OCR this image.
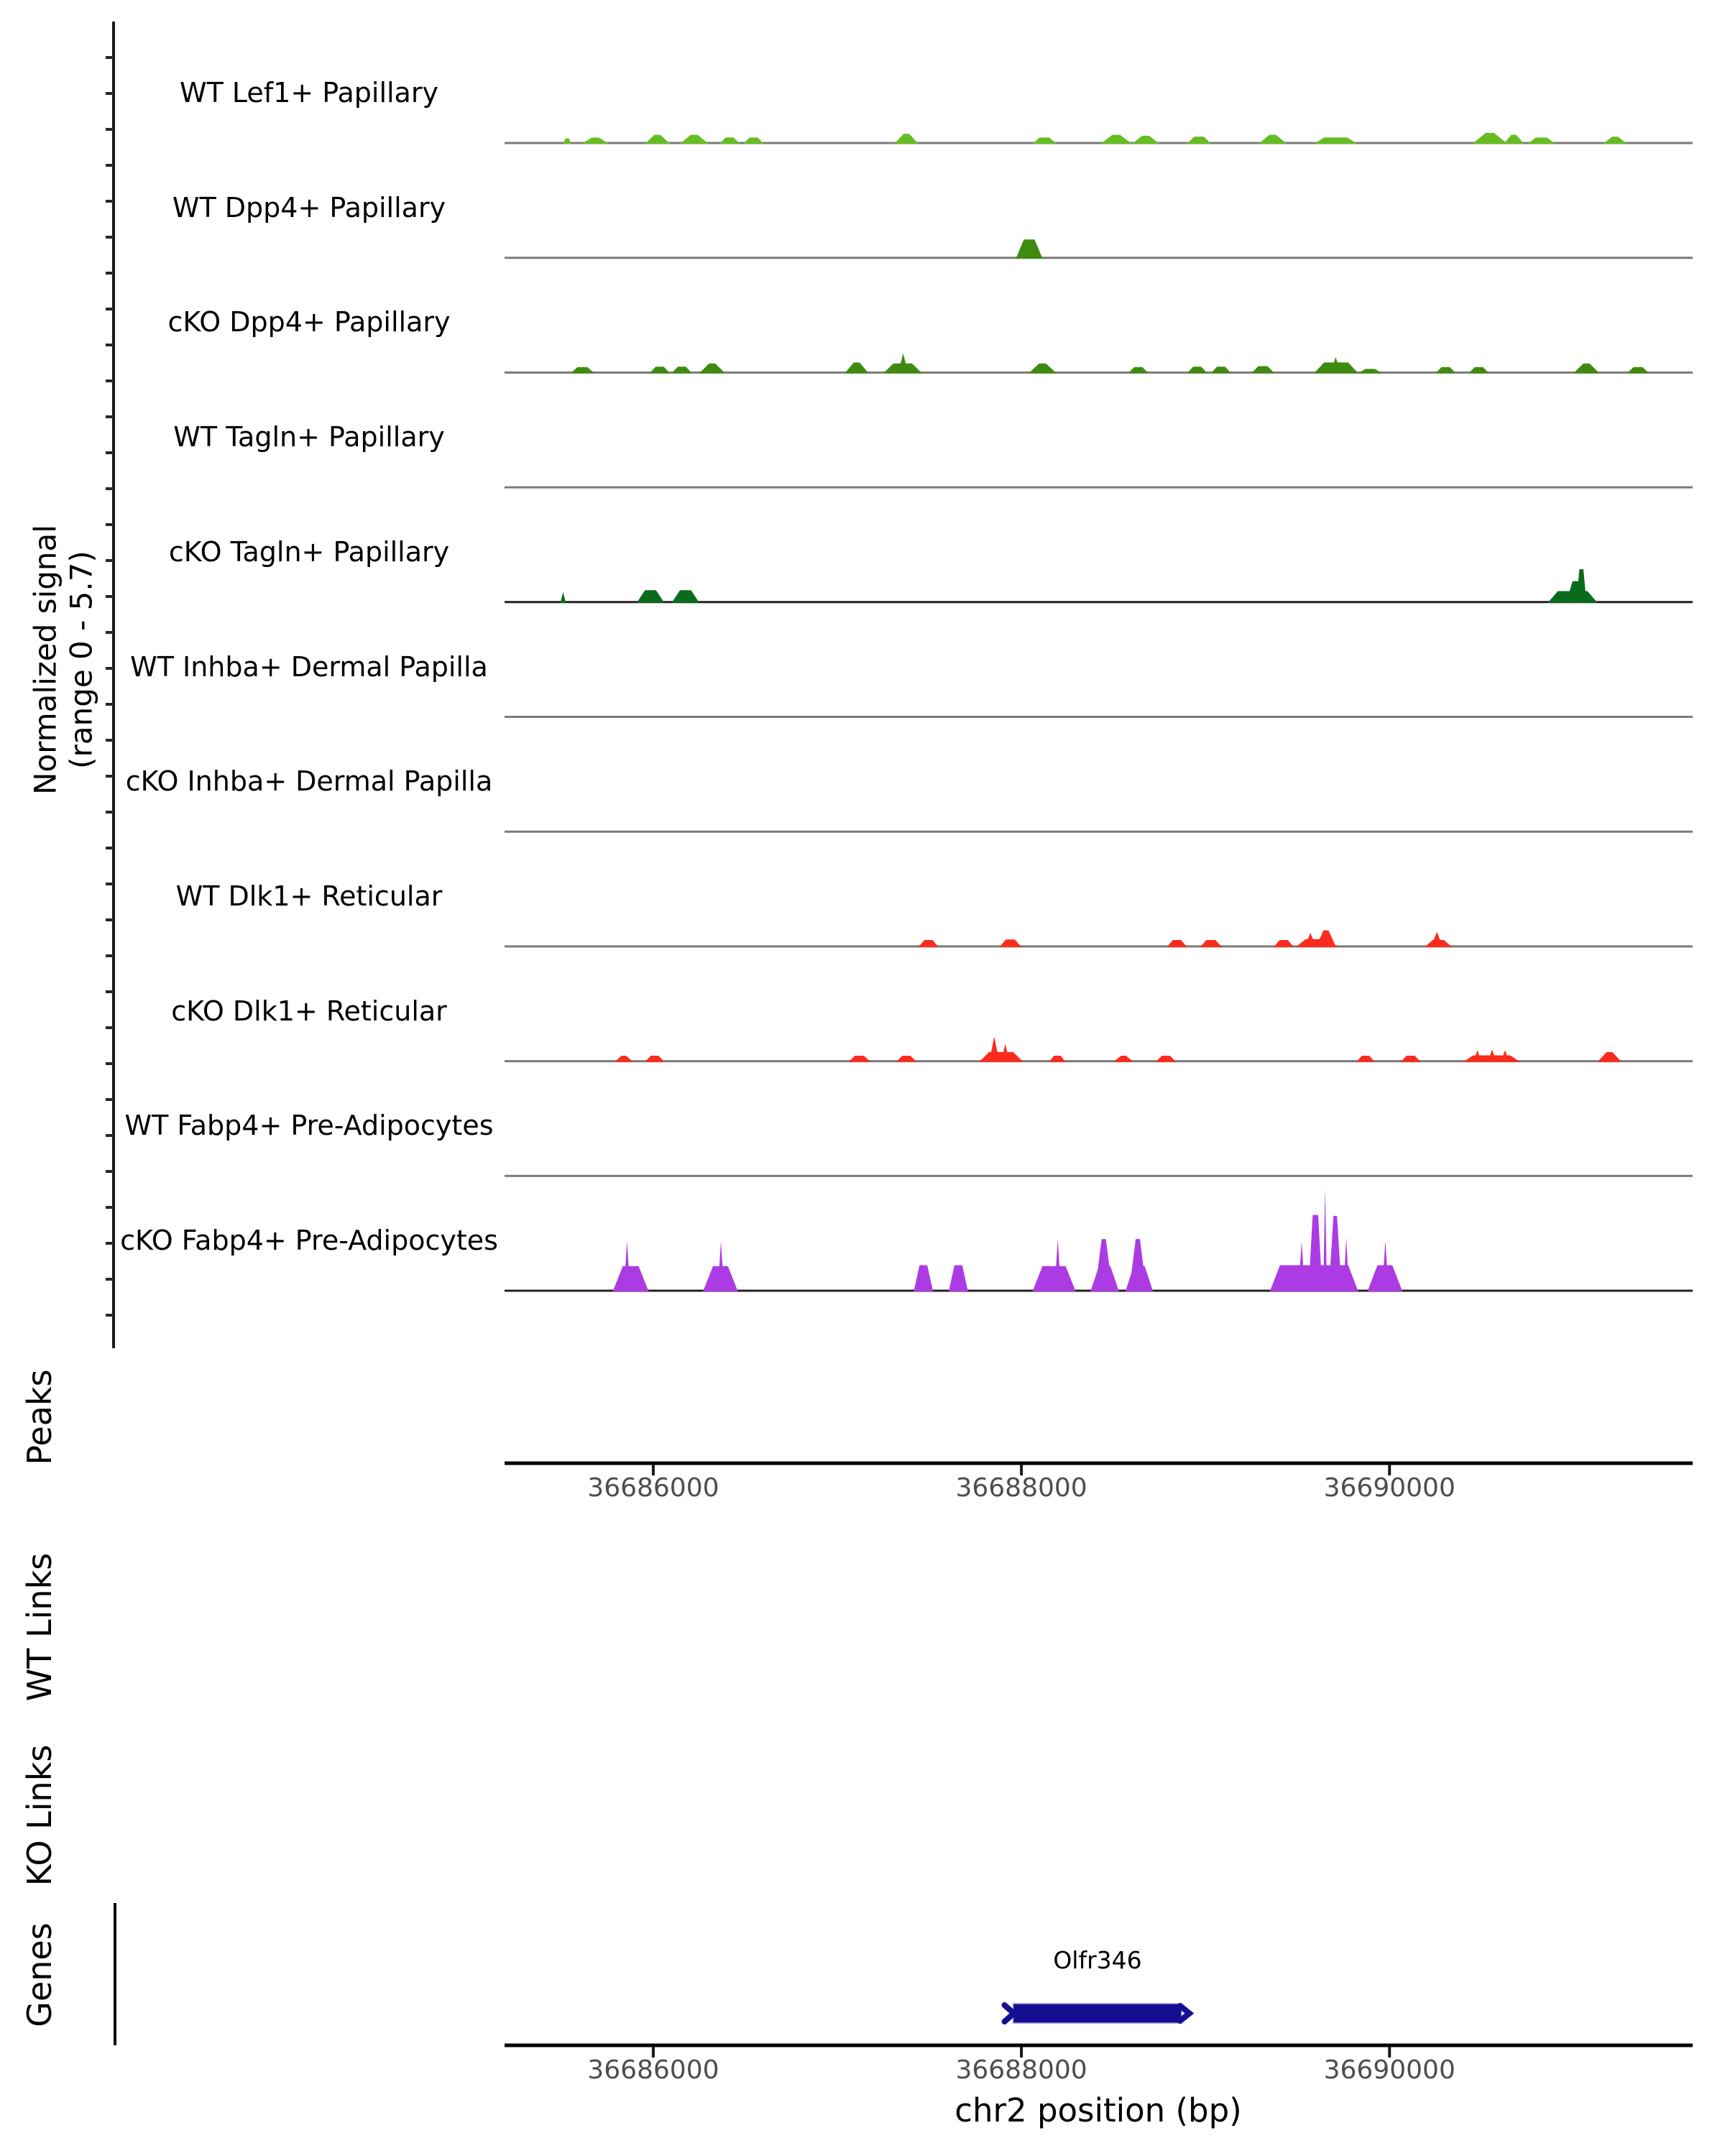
Normalized signal (range 0 - 5.7)
Peaks
WT Links
KO Links
Genes	Olfr346
chr2 position (bp)
WT Lef1+ Papillary
WT Dpp4+ Papillary
cKO Dpp4+ Papillary
WT Tagln+ Papillary
cKO Tagln+ Papillary
WT Inhba+ Dermal Papilla
cKO Inhba+ Dermal Papilla
WT Dlk1+ Reticular
cKO Dlk1+ Reticular
WT Fabp4+ Pre-Adipocytes
cKO Fabp4+ Pre-Adipocytes
36686000
36686000
36688000
36688000
36690000
36690000
